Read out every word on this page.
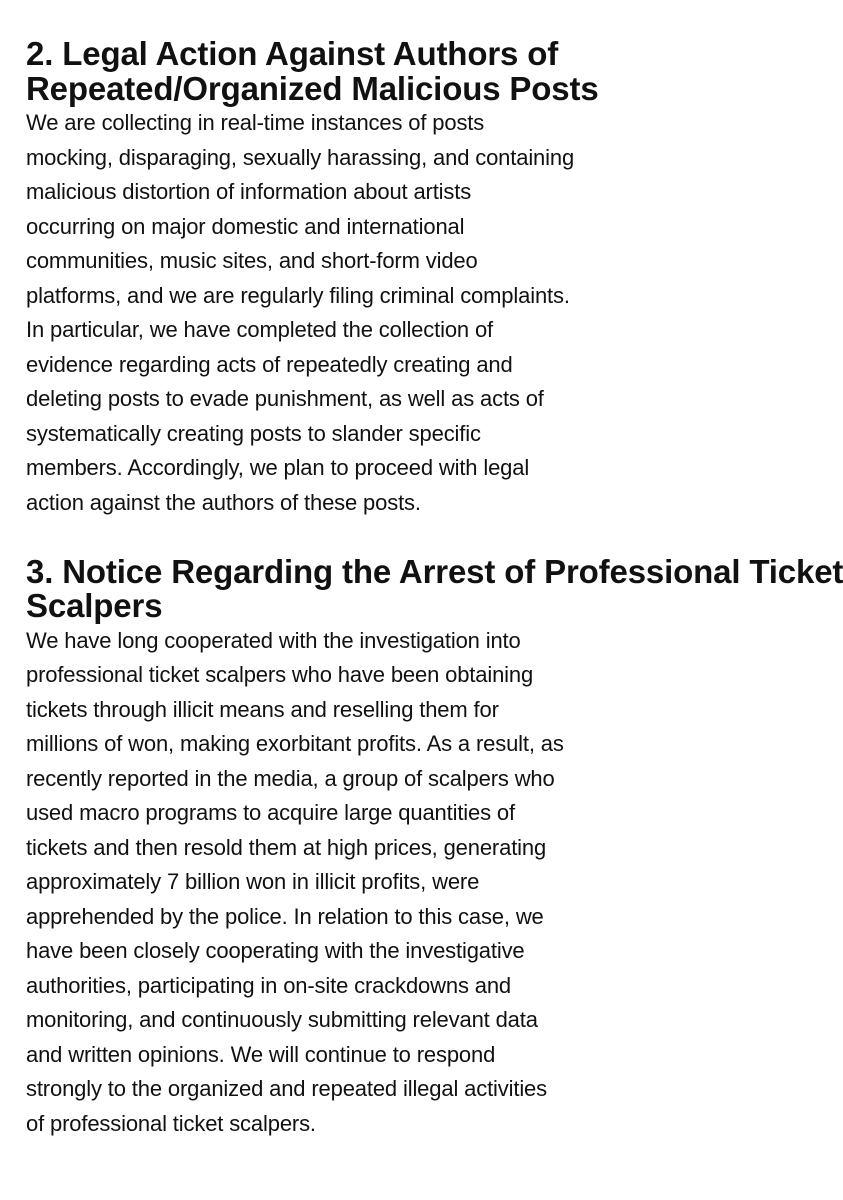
2. Legal Action Against Authors of
Repeated/Organized Malicious Posts

We are collecting in real-time instances of posts
mocking, disparaging, sexually harassing, and containing
malicious distortion of information about artists
occurring on major domestic and international
communities, music sites, and short-form video
platforms, and we are regularly filing criminal complaints.
In particular, we have completed the collection of
evidence regarding acts of repeatedly creating and
deleting posts to evade punishment, as well as acts of
systematically creating posts to slander specific
members. Accordingly, we plan to proceed with legal
action against the authors of these posts.

3. Notice Regarding the Arrest of Professional Ticket
Scalpers

We have long cooperated with the investigation into
professional ticket scalpers who have been obtaining
tickets through illicit means and reselling them for
millions of won, making exorbitant profits. As a result, as
recently reported in the media, a group of scalpers who
used macro programs to acquire large quantities of
tickets and then resold them at high prices, generating
approximately 7 billion won in illicit profits, were
apprehended by the police. In relation to this case, we
have been closely cooperating with the investigative
authorities, participating in on-site crackdowns and
monitoring, and continuously submitting relevant data
and written opinions. We will continue to respond
strongly to the organized and repeated illegal activities
of professional ticket scalpers.
